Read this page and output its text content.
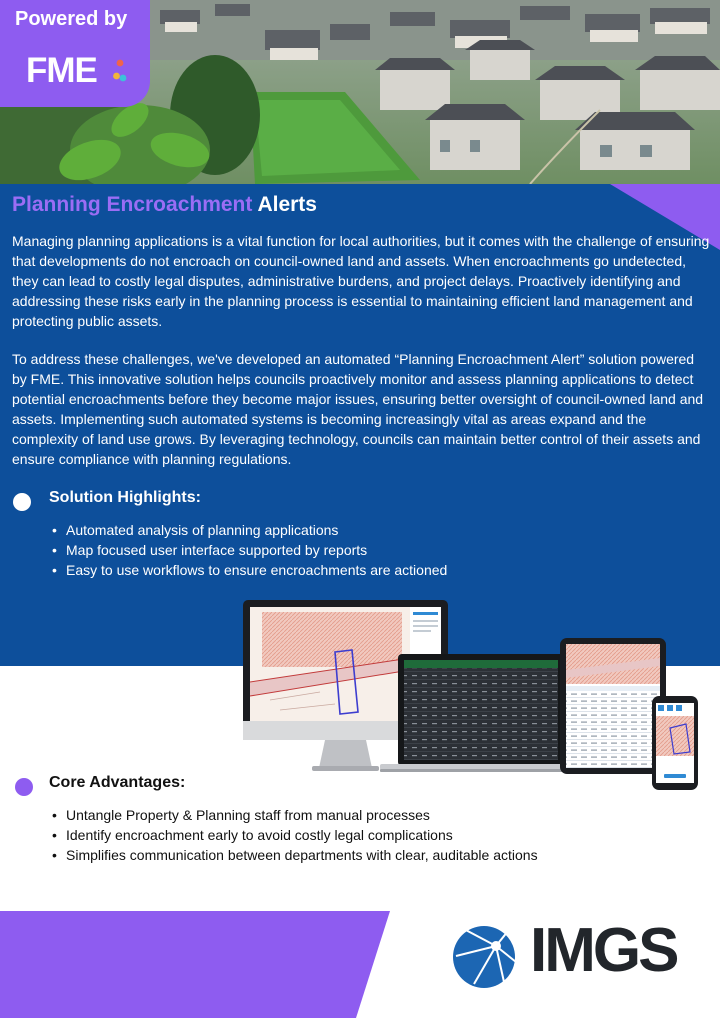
Powered by
FME
Planning Encroachment Alerts

Managing planning applications is a vital function for local authorities, but it comes with the challenge of ensuring that developments do not encroach on council-owned land and assets. When encroachments go undetected, they can lead to costly legal disputes, administrative burdens, and project delays. Proactively identifying and addressing these risks early in the planning process is essential to maintaining efficient land management and protecting public assets.

To address these challenges, we've developed an automated “Planning Encroachment Alert” solution powered by FME. This innovative solution helps councils proactively monitor and assess planning applications to detect potential encroachments before they become major issues, ensuring better oversight of council-owned land and assets. Implementing such automated systems is becoming increasingly vital as areas expand and the complexity of land use grows. By leveraging technology, councils can maintain better control of their assets and ensure compliance with planning regulations.

Solution Highlights:
• Automated analysis of planning applications
• Map focused user interface supported by reports
• Easy to use workflows to ensure encroachments are actioned
Core Advantages:
• Untangle Property & Planning staff from manual processes
• Identify encroachment early to avoid costly legal complications
• Simplifies communication between departments with clear, auditable actions
IMGS
